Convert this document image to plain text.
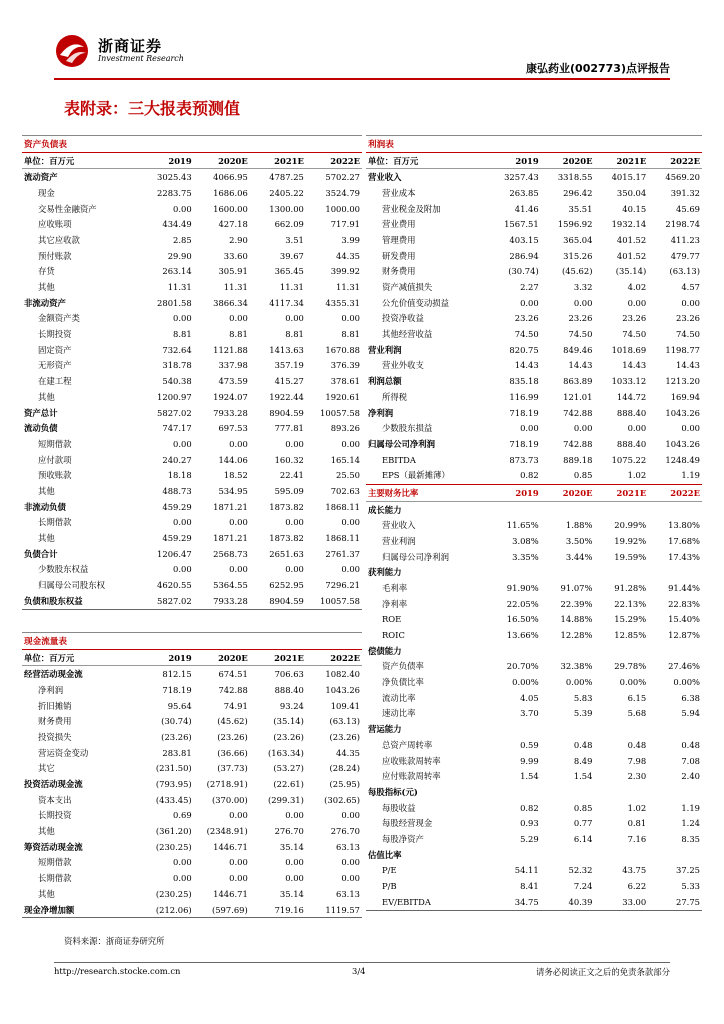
浙商证券
Investment Research
康弘药业(002773)点评报告
表附录：三大报表预测值
资产负债表				
单位：百万元	2019	2020E	2021E	2022E
流动资产	3025.43	4066.95	4787.25	5702.27
现金	2283.75	1686.06	2405.22	3524.79
交易性金融资产	0.00	1600.00	1300.00	1000.00
应收账项	434.49	427.18	662.09	717.91
其它应收款	2.85	2.90	3.51	3.99
预付账款	29.90	33.60	39.67	44.35
存货	263.14	305.91	365.45	399.92
其他	11.31	11.31	11.31	11.31
非流动资产	2801.58	3866.34	4117.34	4355.31
金额资产类	0.00	0.00	0.00	0.00
长期投资	8.81	8.81	8.81	8.81
固定资产	732.64	1121.88	1413.63	1670.88
无形资产	318.78	337.98	357.19	376.39
在建工程	540.38	473.59	415.27	378.61
其他	1200.97	1924.07	1922.44	1920.61
资产总计	5827.02	7933.28	8904.59	10057.58
流动负债	747.17	697.53	777.81	893.26
短期借款	0.00	0.00	0.00	0.00
应付款项	240.27	144.06	160.32	165.14
预收账款	18.18	18.52	22.41	25.50
其他	488.73	534.95	595.09	702.63
非流动负债	459.29	1871.21	1873.82	1868.11
长期借款	0.00	0.00	0.00	0.00
其他	459.29	1871.21	1873.82	1868.11
负债合计	1206.47	2568.73	2651.63	2761.37
少数股东权益	0.00	0.00	0.00	0.00
归属母公司股东权	4620.55	5364.55	6252.95	7296.21
负债和股东权益	5827.02	7933.28	8904.59	10057.58
现金流量表				
单位：百万元	2019	2020E	2021E	2022E
经营活动现金流	812.15	674.51	706.63	1082.40
净利润	718.19	742.88	888.40	1043.26
折旧摊销	95.64	74.91	93.24	109.41
财务费用	(30.74)	(45.62)	(35.14)	(63.13)
投资损失	(23.26)	(23.26)	(23.26)	(23.26)
营运资金变动	283.81	(36.66)	(163.34)	44.35
其它	(231.50)	(37.73)	(53.27)	(28.24)
投资活动现金流	(793.95)	(2718.91)	(22.61)	(25.95)
资本支出	(433.45)	(370.00)	(299.31)	(302.65)
长期投资	0.69	0.00	0.00	0.00
其他	(361.20)	(2348.91)	276.70	276.70
筹资活动现金流	(230.25)	1446.71	35.14	63.13
短期借款	0.00	0.00	0.00	0.00
长期借款	0.00	0.00	0.00	0.00
其他	(230.25)	1446.71	35.14	63.13
现金净增加额	(212.06)	(597.69)	719.16	1119.57
利润表				
单位：百万元	2019	2020E	2021E	2022E
营业收入	3257.43	3318.55	4015.17	4569.20
营业成本	263.85	296.42	350.04	391.32
营业税金及附加	41.46	35.51	40.15	45.69
营业费用	1567.51	1596.92	1932.14	2198.74
管理费用	403.15	365.04	401.52	411.23
研发费用	286.94	315.26	401.52	479.77
财务费用	(30.74)	(45.62)	(35.14)	(63.13)
资产减值损失	2.27	3.32	4.02	4.57
公允价值变动损益	0.00	0.00	0.00	0.00
投资净收益	23.26	23.26	23.26	23.26
其他经营收益	74.50	74.50	74.50	74.50
营业利润	820.75	849.46	1018.69	1198.77
营业外收支	14.43	14.43	14.43	14.43
利润总额	835.18	863.89	1033.12	1213.20
所得税	116.99	121.01	144.72	169.94
净利润	718.19	742.88	888.40	1043.26
少数股东损益	0.00	0.00	0.00	0.00
归属母公司净利润	718.19	742.88	888.40	1043.26
EBITDA	873.73	889.18	1075.22	1248.49
EPS（最新摊薄）	0.82	0.85	1.02	1.19
主要财务比率	2019	2020E	2021E	2022E
成长能力				
营业收入	11.65%	1.88%	20.99%	13.80%
营业利润	3.08%	3.50%	19.92%	17.68%
归属母公司净利润	3.35%	3.44%	19.59%	17.43%
获利能力				
毛利率	91.90%	91.07%	91.28%	91.44%
净利率	22.05%	22.39%	22.13%	22.83%
ROE	16.50%	14.88%	15.29%	15.40%
ROIC	13.66%	12.28%	12.85%	12.87%
偿债能力				
资产负债率	20.70%	32.38%	29.78%	27.46%
净负债比率	0.00%	0.00%	0.00%	0.00%
流动比率	4.05	5.83	6.15	6.38
速动比率	3.70	5.39	5.68	5.94
营运能力				
总资产周转率	0.59	0.48	0.48	0.48
应收账款周转率	9.99	8.49	7.98	7.08
应付账款周转率	1.54	1.54	2.30	2.40
每股指标(元)				
每股收益	0.82	0.85	1.02	1.19
每股经营现金	0.93	0.77	0.81	1.24
每股净资产	5.29	6.14	7.16	8.35
估值比率				
P/E	54.11	52.32	43.75	37.25
P/B	8.41	7.24	6.22	5.33
EV/EBITDA	34.75	40.39	33.00	27.75
资料来源：浙商证券研究所
http://research.stocke.com.cn	3/4	请务必阅读正文之后的免责条款部分
